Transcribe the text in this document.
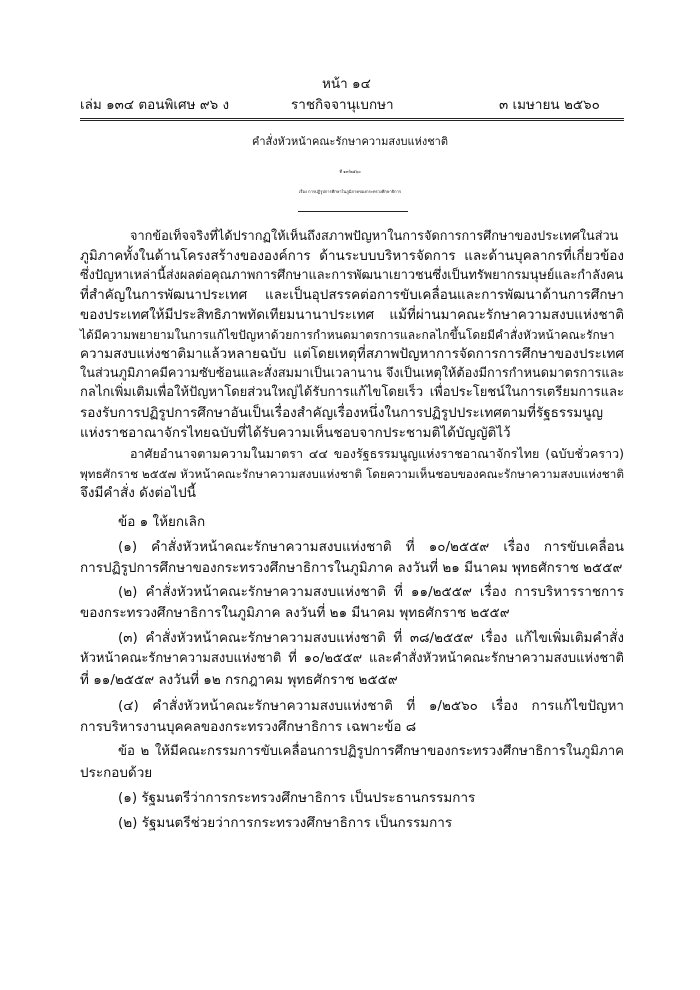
หน้า ๑๔
เล่ม ๑๓๔ ตอนพิเศษ ๙๖ ง	ราชกิจจานุเบกษา	๓ เมษายน ๒๕๖๐
คำสั่งหัวหน้าคณะรักษาความสงบแห่งชาติ
ที่ ๑๙/๒๕๖๐
เรื่อง การปฏิรูปการศึกษาในภูมิภาคของกระทรวงศึกษาธิการ
จากข้อเท็จจริงที่ได้ปรากฏให้เห็นถึงสภาพปัญหาในการจัดการการศึกษาของประเทศในส่วน
ภูมิภาคทั้งในด้านโครงสร้างขององค์การ ด้านระบบบริหารจัดการ และด้านบุคลากรที่เกี่ยวข้อง
ซึ่งปัญหาเหล่านี้ส่งผลต่อคุณภาพการศึกษาและการพัฒนาเยาวชนซึ่งเป็นทรัพยากรมนุษย์และกำลังคน
ที่สำคัญในการพัฒนาประเทศ และเป็นอุปสรรคต่อการขับเคลื่อนและการพัฒนาด้านการศึกษา
ของประเทศให้มีประสิทธิภาพทัดเทียมนานาประเทศ แม้ที่ผ่านมาคณะรักษาความสงบแห่งชาติ
ได้มีความพยายามในการแก้ไขปัญหาด้วยการกำหนดมาตรการและกลไกขึ้นโดยมีคำสั่งหัวหน้าคณะรักษา
ความสงบแห่งชาติมาแล้วหลายฉบับ แต่โดยเหตุที่สภาพปัญหาการจัดการการศึกษาของประเทศ
ในส่วนภูมิภาคมีความซับซ้อนและสั่งสมมาเป็นเวลานาน จึงเป็นเหตุให้ต้องมีการกำหนดมาตรการและ
กลไกเพิ่มเติมเพื่อให้ปัญหาโดยส่วนใหญ่ได้รับการแก้ไขโดยเร็ว เพื่อประโยชน์ในการเตรียมการและ
รองรับการปฏิรูปการศึกษาอันเป็นเรื่องสำคัญเรื่องหนึ่งในการปฏิรูปประเทศตามที่รัฐธรรมนูญ
แห่งราชอาณาจักรไทยฉบับที่ได้รับความเห็นชอบจากประชามติได้บัญญัติไว้
อาศัยอำนาจตามความในมาตรา ๔๔ ของรัฐธรรมนูญแห่งราชอาณาจักรไทย (ฉบับชั่วคราว)
พุทธศักราช ๒๕๕๗ หัวหน้าคณะรักษาความสงบแห่งชาติ โดยความเห็นชอบของคณะรักษาความสงบแห่งชาติ
จึงมีคำสั่ง ดังต่อไปนี้
ข้อ ๑ ให้ยกเลิก
(๑) คำสั่งหัวหน้าคณะรักษาความสงบแห่งชาติ ที่ ๑๐/๒๕๕๙ เรื่อง การขับเคลื่อน
การปฏิรูปการศึกษาของกระทรวงศึกษาธิการในภูมิภาค ลงวันที่ ๒๑ มีนาคม พุทธศักราช ๒๕๕๙
(๒) คำสั่งหัวหน้าคณะรักษาความสงบแห่งชาติ ที่ ๑๑/๒๕๕๙ เรื่อง การบริหารราชการ
ของกระทรวงศึกษาธิการในภูมิภาค ลงวันที่ ๒๑ มีนาคม พุทธศักราช ๒๕๕๙
(๓) คำสั่งหัวหน้าคณะรักษาความสงบแห่งชาติ ที่ ๓๘/๒๕๕๙ เรื่อง แก้ไขเพิ่มเติมคำสั่ง
หัวหน้าคณะรักษาความสงบแห่งชาติ ที่ ๑๐/๒๕๕๙ และคำสั่งหัวหน้าคณะรักษาความสงบแห่งชาติ
ที่ ๑๑/๒๕๕๙ ลงวันที่ ๑๒ กรกฎาคม พุทธศักราช ๒๕๕๙
(๔) คำสั่งหัวหน้าคณะรักษาความสงบแห่งชาติ ที่ ๑/๒๕๖๐ เรื่อง การแก้ไขปัญหา
การบริหารงานบุคคลของกระทรวงศึกษาธิการ เฉพาะข้อ ๘
ข้อ ๒ ให้มีคณะกรรมการขับเคลื่อนการปฏิรูปการศึกษาของกระทรวงศึกษาธิการในภูมิภาค
ประกอบด้วย
(๑) รัฐมนตรีว่าการกระทรวงศึกษาธิการ เป็นประธานกรรมการ
(๒) รัฐมนตรีช่วยว่าการกระทรวงศึกษาธิการ เป็นกรรมการ
